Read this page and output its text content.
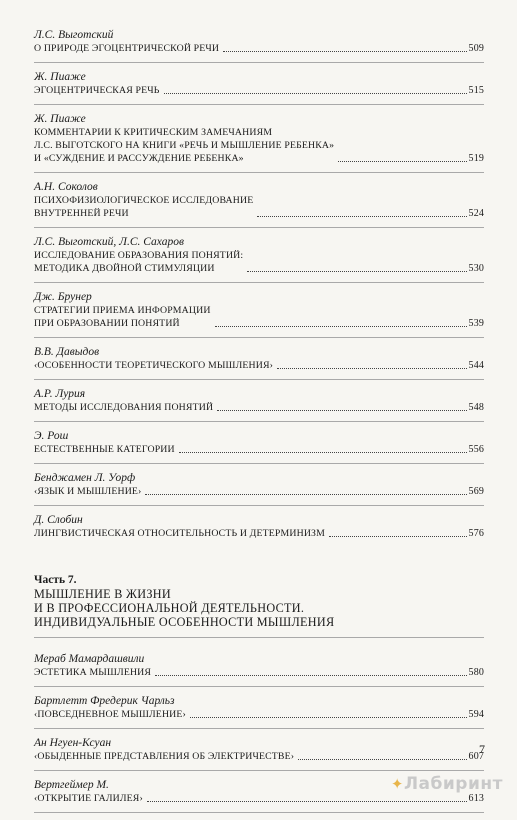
Л.С. Выготский
О ПРИРОДЕ ЭГОЦЕНТРИЧЕСКОЙ РЕЧИ	509
Ж. Пиаже
ЭГОЦЕНТРИЧЕСКАЯ РЕЧЬ	515
Ж. Пиаже
КОММЕНТАРИИ К КРИТИЧЕСКИМ ЗАМЕЧАНИЯМ
Л.С. ВЫГОТСКОГО НА КНИГИ «РЕЧЬ И МЫШЛЕНИЕ РЕБЕНКА»
И «СУЖДЕНИЕ И РАССУЖДЕНИЕ РЕБЕНКА»	519
А.Н. Соколов
ПСИХОФИЗИОЛОГИЧЕСКОЕ ИССЛЕДОВАНИЕ
ВНУТРЕННЕЙ РЕЧИ	524
Л.С. Выготский, Л.С. Сахаров
ИССЛЕДОВАНИЕ ОБРАЗОВАНИЯ ПОНЯТИЙ:
МЕТОДИКА ДВОЙНОЙ СТИМУЛЯЦИИ	530
Дж. Брунер
СТРАТЕГИИ ПРИЕМА ИНФОРМАЦИИ
ПРИ ОБРАЗОВАНИИ ПОНЯТИЙ	539
В.В. Давыдов
‹ОСОБЕННОСТИ ТЕОРЕТИЧЕСКОГО МЫШЛЕНИЯ›	544
А.Р. Лурия
МЕТОДЫ ИССЛЕДОВАНИЯ ПОНЯТИЙ	548
Э. Рош
ЕСТЕСТВЕННЫЕ КАТЕГОРИИ	556
Бенджамен Л. Уорф
‹ЯЗЫК И МЫШЛЕНИЕ›	569
Д. Слобин
ЛИНГВИСТИЧЕСКАЯ ОТНОСИТЕЛЬНОСТЬ И ДЕТЕРМИНИЗМ	576
Часть 7.
МЫШЛЕНИЕ В ЖИЗНИ
И В ПРОФЕССИОНАЛЬНОЙ ДЕЯТЕЛЬНОСТИ.
ИНДИВИДУАЛЬНЫЕ ОСОБЕННОСТИ МЫШЛЕНИЯ
Мераб Мамардашвили
ЭСТЕТИКА МЫШЛЕНИЯ	580
Бартлетт Фредерик Чарльз
‹ПОВСЕДНЕВНОЕ МЫШЛЕНИЕ›	594
Ан Нгуен-Ксуан
‹ОБЫДЕННЫЕ ПРЕДСТАВЛЕНИЯ ОБ ЭЛЕКТРИЧЕСТВЕ›	607
Вертгеймер М.
‹ОТКРЫТИЕ ГАЛИЛЕЯ›	613
7
✦Лабиринт
